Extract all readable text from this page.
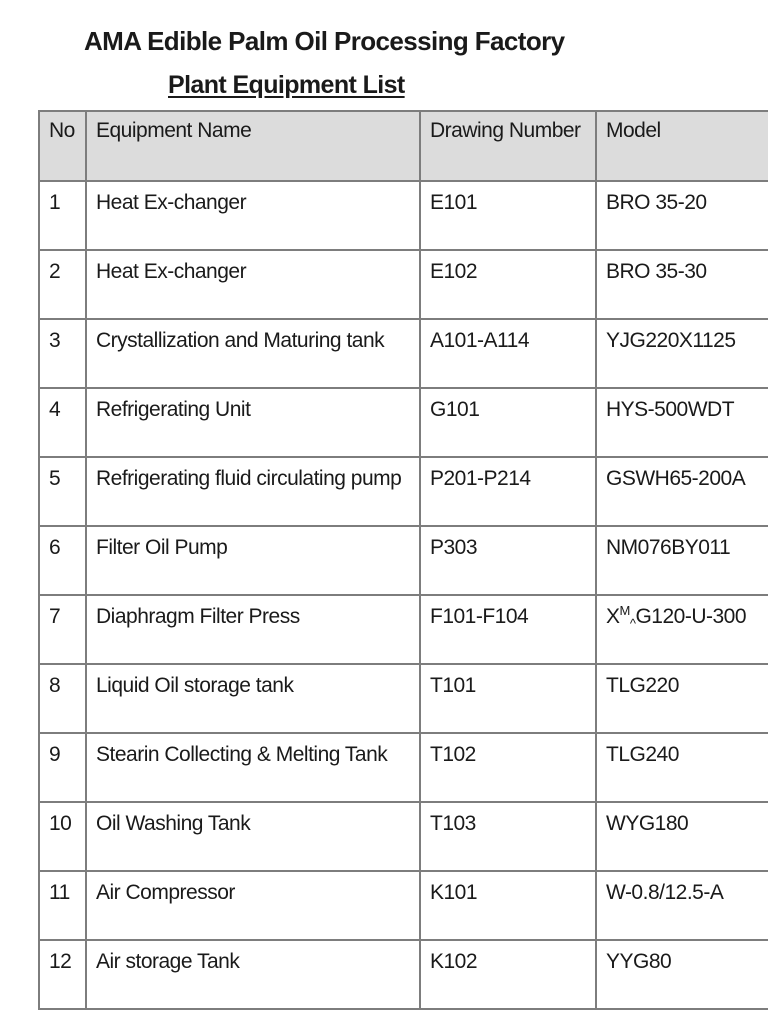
AMA Edible Palm Oil Processing Factory
Plant Equipment List
No	Equipment Name	Drawing Number	Model
1	Heat Ex-changer	E101	BRO 35-20
2	Heat Ex-changer	E102	BRO 35-30
3	Crystallization and Maturing tank	A101-A114	YJG220X1125
4	Refrigerating Unit	G101	HYS-500WDT
5	Refrigerating fluid circulating pump	P201-P214	GSWH65-200A
6	Filter Oil Pump	P303	NM076BY011
7	Diaphragm Filter Press	F101-F104	$X^M_{\^{}}G120-U-300$
8	Liquid Oil storage tank	T101	TLG220
9	Stearin Collecting & Melting Tank	T102	TLG240
10	Oil Washing Tank	T103	WYG180
11	Air Compressor	K101	W-0.8/12.5-A
12	Air storage Tank	K102	YYG80
